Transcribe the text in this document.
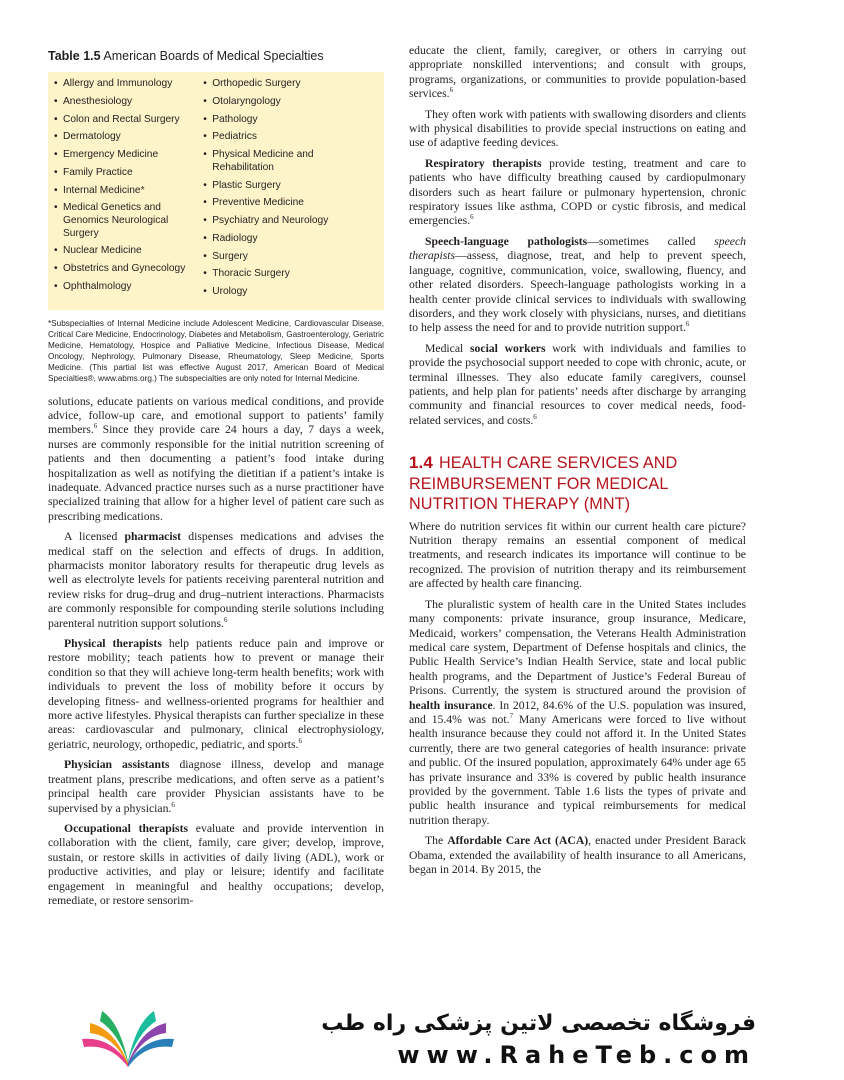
Table 1.5 American Boards of Medical Specialties
• Allergy and Immunology
• Anesthesiology
• Colon and Rectal Surgery
• Dermatology
• Emergency Medicine
• Family Practice
• Internal Medicine*
• Medical Genetics and Genomics Neurological Surgery
• Nuclear Medicine
• Obstetrics and Gynecology
• Ophthalmology
• Orthopedic Surgery
• Otolaryngology
• Pathology
• Pediatrics
• Physical Medicine and Rehabilitation
• Plastic Surgery
• Preventive Medicine
• Psychiatry and Neurology
• Radiology
• Surgery
• Thoracic Surgery
• Urology

*Subspecialties of Internal Medicine include Adolescent Medicine, Cardiovascular Disease, Critical Care Medicine, Endocrinology, Diabetes and Metabolism, Gastroenterology, Geriatric Medicine, Hematology, Hospice and Palliative Medicine, Infectious Disease, Medical Oncology, Nephrology, Pulmonary Disease, Rheumatology, Sleep Medicine, Sports Medicine. (This partial list was effective August 2017, American Board of Medical Specialties®, www.abms.org.) The subspecialties are only noted for Internal Medicine.

solutions, educate patients on various medical conditions, and provide advice, follow-up care, and emotional support to patients’ family members.$^6$ Since they provide care 24 hours a day, 7 days a week, nurses are commonly responsible for the initial nutrition screening of patients and then documenting a patient’s food intake during hospitalization as well as notifying the dietitian if a patient’s intake is inadequate. Advanced practice nurses such as a nurse practitioner have specialized training that allow for a higher level of patient care such as prescribing medications.

A licensed pharmacist dispenses medications and advises the medical staff on the selection and effects of drugs. In addition, pharmacists monitor laboratory results for therapeutic drug levels as well as electrolyte levels for patients receiving parenteral nutrition and review risks for drug–drug and drug–nutrient interactions. Pharmacists are commonly responsible for compounding sterile solutions including parenteral nutrition support solutions.$^6$

Physical therapists help patients reduce pain and improve or restore mobility; teach patients how to prevent or manage their condition so that they will achieve long-term health benefits; work with individuals to prevent the loss of mobility before it occurs by developing fitness- and wellness-oriented programs for healthier and more active lifestyles. Physical therapists can further specialize in these areas: cardiovascular and pulmonary, clinical electrophysiology, geriatric, neurology, orthopedic, pediatric, and sports.$^6$

Physician assistants diagnose illness, develop and manage treatment plans, prescribe medications, and often serve as a patient’s principal health care provider Physician assistants have to be supervised by a physician.$^6$

Occupational therapists evaluate and provide intervention in collaboration with the client, family, care giver; develop, improve, sustain, or restore skills in activities of daily living (ADL), work or productive activities, and play or leisure; identify and facilitate engagement in meaningful and healthy occupations; develop, remediate, or restore sensorim-

educate the client, family, caregiver, or others in carrying out appropriate nonskilled interventions; and consult with groups, programs, organizations, or communities to provide population-based services.$^6$

They often work with patients with swallowing disorders and clients with physical disabilities to provide special instructions on eating and use of adaptive feeding devices.

Respiratory therapists provide testing, treatment and care to patients who have difficulty breathing caused by cardiopulmonary disorders such as heart failure or pulmonary hypertension, chronic respiratory issues like asthma, COPD or cystic fibrosis, and medical emergencies.$^6$

Speech-language pathologists—sometimes called speech therapists—assess, diagnose, treat, and help to prevent speech, language, cognitive, communication, voice, swallowing, fluency, and other related disorders. Speech-language pathologists working in a health center provide clinical services to individuals with swallowing disorders, and they work closely with physicians, nurses, and dietitians to help assess the need for and to provide nutrition support.$^6$

Medical social workers work with individuals and families to provide the psychosocial support needed to cope with chronic, acute, or terminal illnesses. They also educate family caregivers, counsel patients, and help plan for patients’ needs after discharge by arranging community and financial resources to cover medical needs, food-related services, and costs.$^6$

1.4 HEALTH CARE SERVICES AND REIMBURSEMENT FOR MEDICAL NUTRITION THERAPY (MNT)

Where do nutrition services fit within our current health care picture? Nutrition therapy remains an essential component of medical treatments, and research indicates its importance will continue to be recognized. The provision of nutrition therapy and its reimbursement are affected by health care financing.

The pluralistic system of health care in the United States includes many components: private insurance, group insurance, Medicare, Medicaid, workers’ compensation, the Veterans Health Administration medical care system, Department of Defense hospitals and clinics, the Public Health Service’s Indian Health Service, state and local public health programs, and the Department of Justice’s Federal Bureau of Prisons. Currently, the system is structured around the provision of health insurance. In 2012, 84.6% of the U.S. population was insured, and 15.4% was not.$^7$ Many Americans were forced to live without health insurance because they could not afford it. In the United States currently, there are two general categories of health insurance: private and public. Of the insured population, approximately 64% under age 65 has private insurance and 33% is covered by public health insurance provided by the government. Table 1.6 lists the types of private and public health insurance and typical reimbursements for medical nutrition therapy.

The Affordable Care Act (ACA), enacted under President Barack Obama, extended the availability of health insurance to all Americans, began in 2014. By 2015, the

فروشگاه تخصصی لاتین پزشکی راه طب
www.RaheTeb.com
